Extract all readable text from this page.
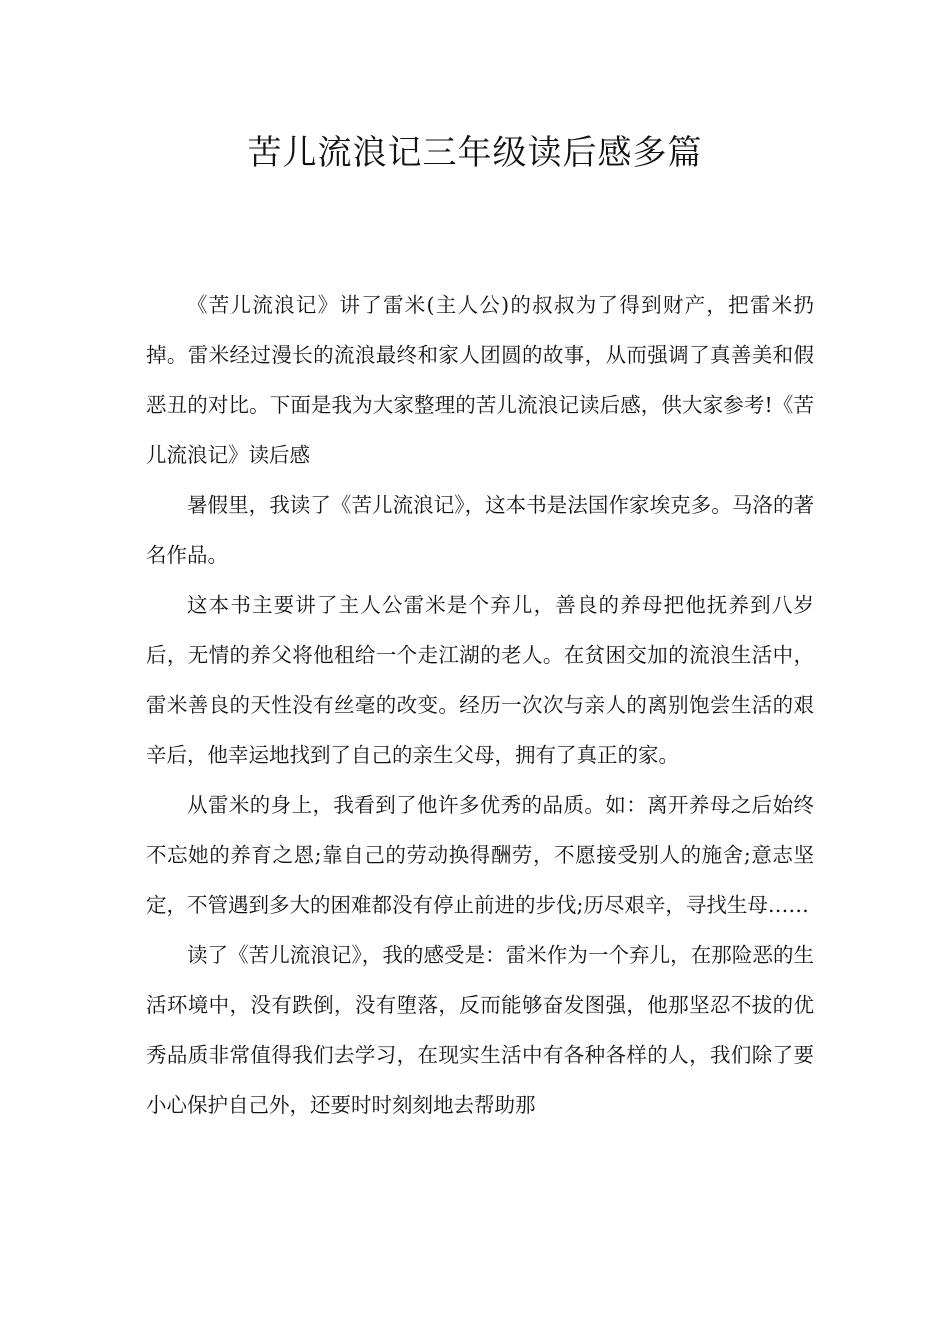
苦儿流浪记三年级读后感多篇

《苦儿流浪记》讲了雷米(主人公)的叔叔为了得到财产，把雷米扔掉。雷米经过漫长的流浪最终和家人团圆的故事，从而强调了真善美和假恶丑的对比。下面是我为大家整理的苦儿流浪记读后感，供大家参考!《苦儿流浪记》读后感

暑假里，我读了《苦儿流浪记》，这本书是法国作家埃克多。马洛的著名作品。

这本书主要讲了主人公雷米是个弃儿，善良的养母把他抚养到八岁后，无情的养父将他租给一个走江湖的老人。在贫困交加的流浪生活中，雷米善良的天性没有丝毫的改变。经历一次次与亲人的离别饱尝生活的艰辛后，他幸运地找到了自己的亲生父母，拥有了真正的家。

从雷米的身上，我看到了他许多优秀的品质。如：离开养母之后始终不忘她的养育之恩;靠自己的劳动换得酬劳，不愿接受别人的施舍;意志坚定，不管遇到多大的困难都没有停止前进的步伐;历尽艰辛，寻找生母……

读了《苦儿流浪记》，我的感受是：雷米作为一个弃儿，在那险恶的生活环境中，没有跌倒，没有堕落，反而能够奋发图强，他那坚忍不拔的优秀品质非常值得我们去学习，在现实生活中有各种各样的人，我们除了要小心保护自己外，还要时时刻刻地去帮助那
